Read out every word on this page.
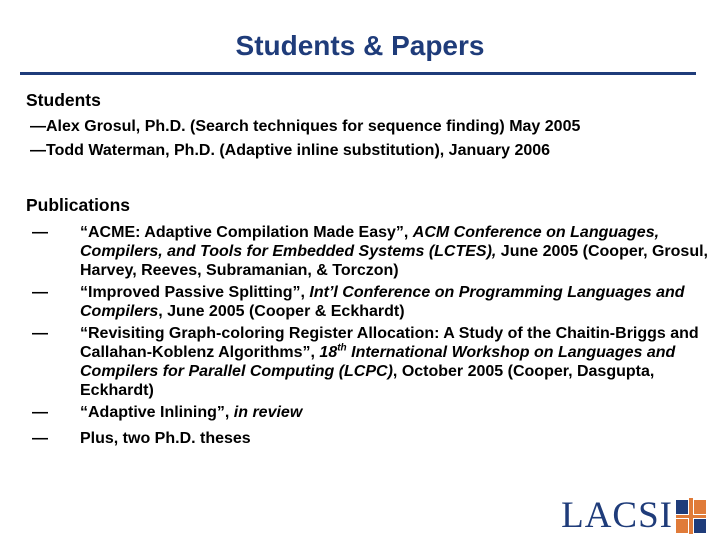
Students & Papers
Students
—Alex Grosul, Ph.D. (Search techniques for sequence finding) May 2005
—Todd Waterman, Ph.D. (Adaptive inline substitution), January 2006
Publications
— “ACME: Adaptive Compilation Made Easy”, ACM Conference on Languages, Compilers, and Tools for Embedded Systems (LCTES), June 2005 (Cooper, Grosul, Harvey, Reeves, Subramanian, & Torczon)
— “Improved Passive Splitting”, Int’l Conference on Programming Languages and Compilers, June 2005 (Cooper & Eckhardt)
— “Revisiting Graph-coloring Register Allocation: A Study of the Chaitin-Briggs and Callahan-Koblenz Algorithms”, 18th International Workshop on Languages and Compilers for Parallel Computing (LCPC), October 2005 (Cooper, Dasgupta, Eckhardt)
— “Adaptive Inlining”, in review
— Plus, two Ph.D. theses
LACSI
